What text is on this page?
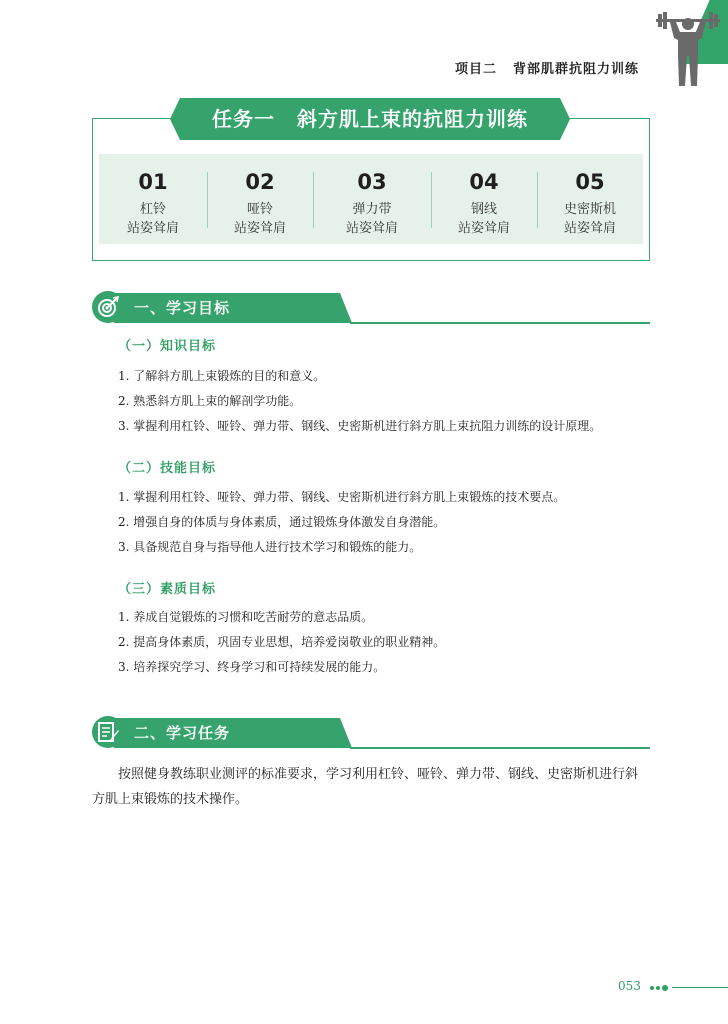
项目二 背部肌群抗阻力训练
01
杠铃
站姿耸肩
02
哑铃
站姿耸肩
03
弹力带
站姿耸肩
04
钢线
站姿耸肩
05
史密斯机
站姿耸肩
任务一 斜方肌上束的抗阻力训练
一、学习目标
（一）知识目标
1. 了解斜方肌上束锻炼的目的和意义。
2. 熟悉斜方肌上束的解剖学功能。
3. 掌握利用杠铃、哑铃、弹力带、钢线、史密斯机进行斜方肌上束抗阻力训练的设计原理。
（二）技能目标
1. 掌握利用杠铃、哑铃、弹力带、钢线、史密斯机进行斜方肌上束锻炼的技术要点。
2. 增强自身的体质与身体素质，通过锻炼身体激发自身潜能。
3. 具备规范自身与指导他人进行技术学习和锻炼的能力。
（三）素质目标
1. 养成自觉锻炼的习惯和吃苦耐劳的意志品质。
2. 提高身体素质，巩固专业思想，培养爱岗敬业的职业精神。
3. 培养探究学习、终身学习和可持续发展的能力。
二、学习任务
按照健身教练职业测评的标准要求，学习利用杠铃、哑铃、弹力带、钢线、史密斯机进行斜方肌上束锻炼的技术操作。
053
